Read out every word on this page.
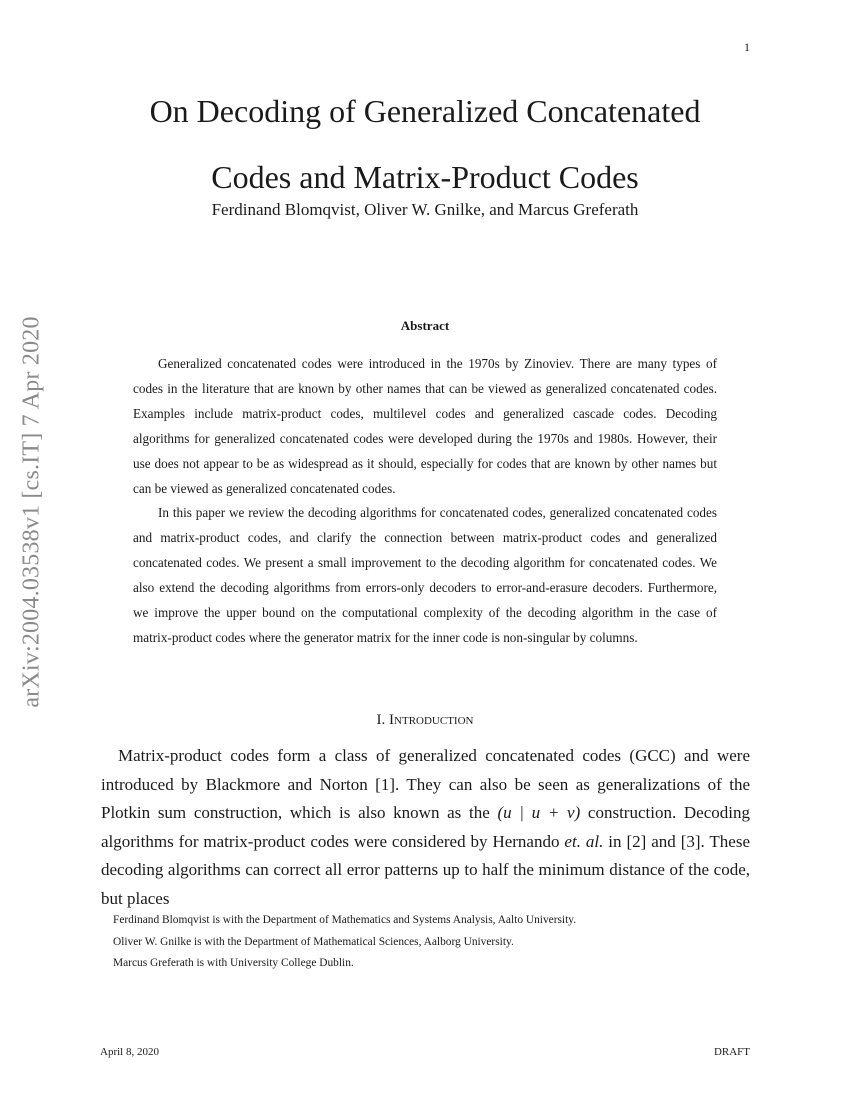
1
arXiv:2004.03538v1 [cs.IT] 7 Apr 2020
On Decoding of Generalized Concatenated
Codes and Matrix-Product Codes
Ferdinand Blomqvist, Oliver W. Gnilke, and Marcus Greferath
Abstract

Generalized concatenated codes were introduced in the 1970s by Zinoviev. There are many types of codes in the literature that are known by other names that can be viewed as generalized concatenated codes. Examples include matrix-product codes, multilevel codes and generalized cascade codes. Decoding algorithms for generalized concatenated codes were developed during the 1970s and 1980s. However, their use does not appear to be as widespread as it should, especially for codes that are known by other names but can be viewed as generalized concatenated codes.

In this paper we review the decoding algorithms for concatenated codes, generalized concatenated codes and matrix-product codes, and clarify the connection between matrix-product codes and generalized concatenated codes. We present a small improvement to the decoding algorithm for concatenated codes. We also extend the decoding algorithms from errors-only decoders to error-and-erasure decoders. Furthermore, we improve the upper bound on the computational complexity of the decoding algorithm in the case of matrix-product codes where the generator matrix for the inner code is non-singular by columns.

I. Introduction

Matrix-product codes form a class of generalized concatenated codes (GCC) and were introduced by Blackmore and Norton [1]. They can also be seen as generalizations of the Plotkin sum construction, which is also known as the (u | u + v) construction. Decoding algorithms for matrix-product codes were considered by Hernando et. al. in [2] and [3]. These decoding algorithms can correct all error patterns up to half the minimum distance of the code, but places

Ferdinand Blomqvist is with the Department of Mathematics and Systems Analysis, Aalto University.
Oliver W. Gnilke is with the Department of Mathematical Sciences, Aalborg University.
Marcus Greferath is with University College Dublin.
April 8, 2020	DRAFT
